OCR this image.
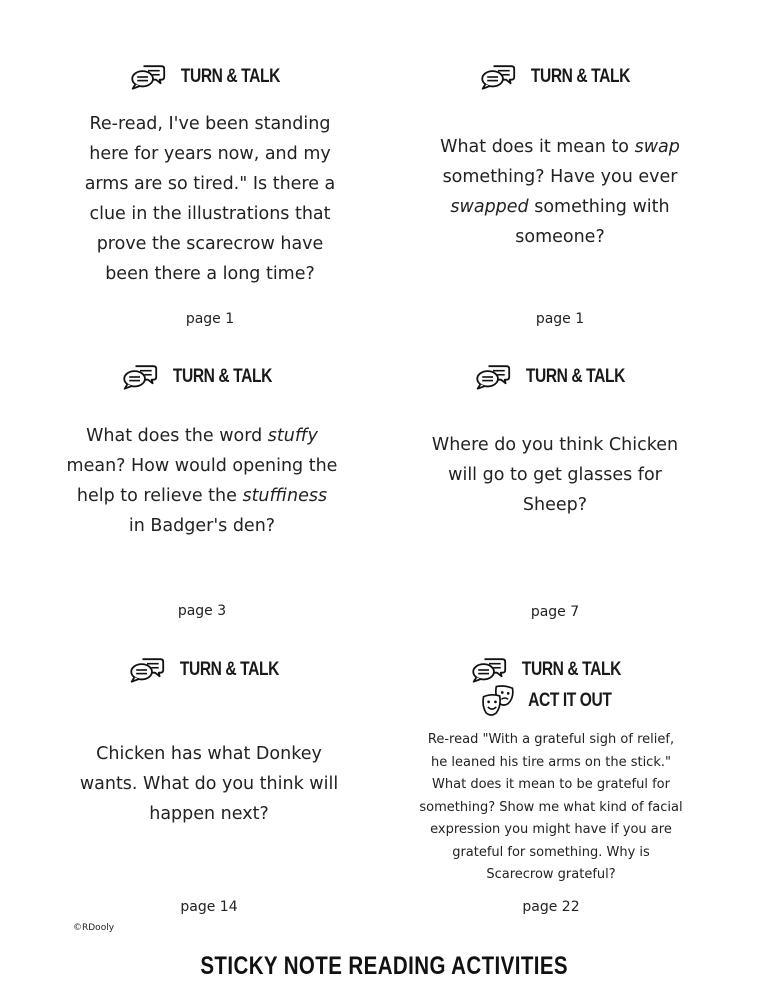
TURN & TALK
Re-read, I've been standing
here for years now, and my
arms are so tired." Is there a
clue in the illustrations that
prove the scarecrow have
been there a long time?
page 1
TURN & TALK
What does it mean to swap
something? Have you ever
swapped something with
someone?
page 1
TURN & TALK
What does the word stuffy
mean? How would opening the
help to relieve the stuffiness
in Badger's den?
page 3
TURN & TALK
Where do you think Chicken
will go to get glasses for
Sheep?
page 7
TURN & TALK
Chicken has what Donkey
wants. What do you think will
happen next?
page 14
TURN & TALK
ACT IT OUT
Re-read "With a grateful sigh of relief,
he leaned his tire arms on the stick."
What does it mean to be grateful for
something? Show me what kind of facial
expression you might have if you are
grateful for something. Why is
Scarecrow grateful?
page 22
©RDooly
STICKY NOTE READING ACTIVITIES
